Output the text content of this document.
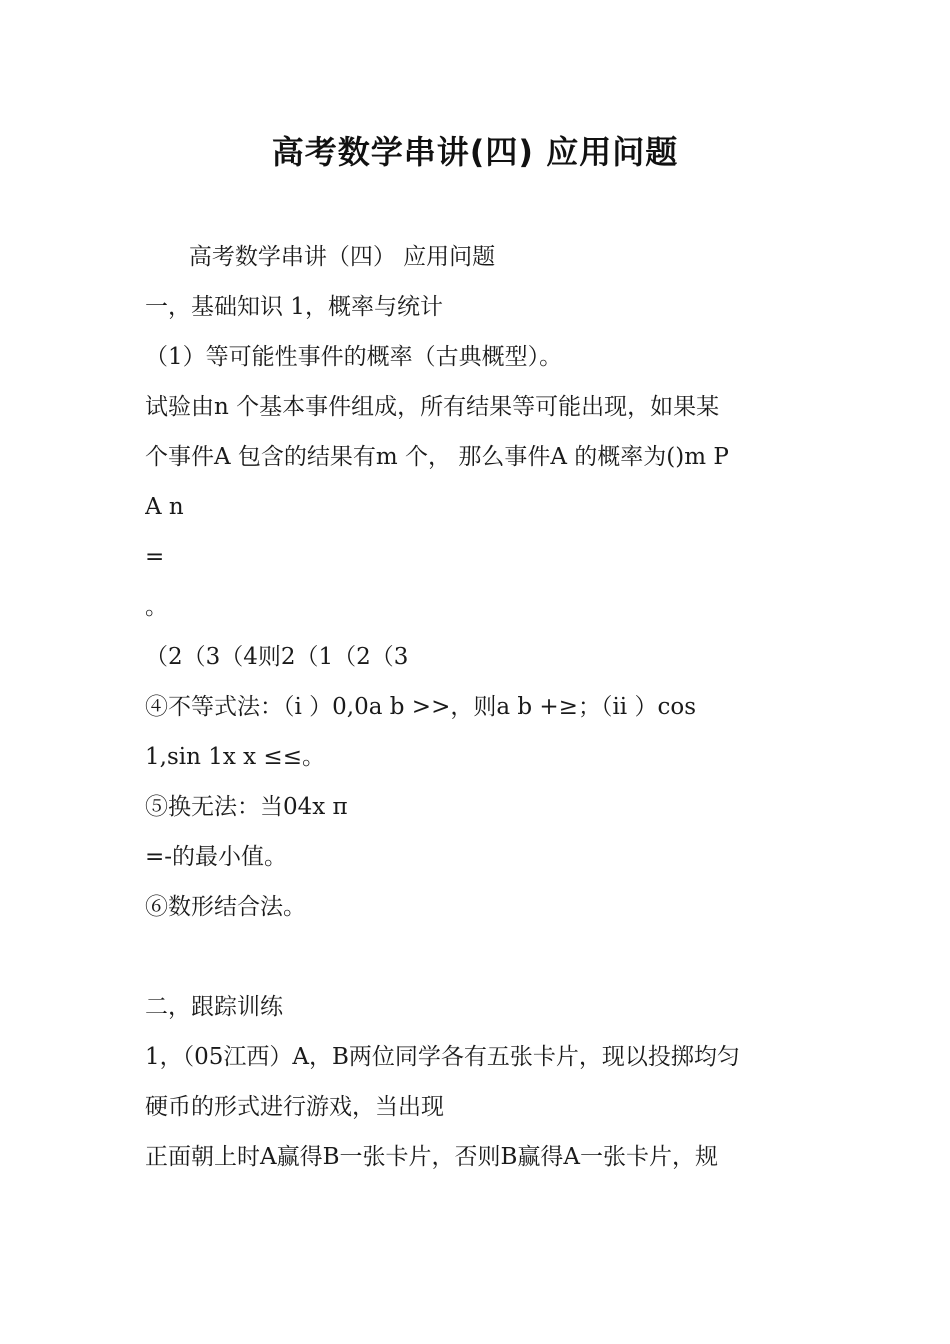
高考数学串讲(四) 应用问题
高考数学串讲（四） 应用问题
一，基础知识 1，概率与统计
（1）等可能性事件的概率（古典概型）。
试验由n 个基本事件组成，所有结果等可能出现，如果某
个事件A 包含的结果有m 个， 那么事件A 的概率为()m P
A n
=
。
（2（3（4则2（1（2（3
④不等式法：（i ）0,0a b >>，则a b +≥；（ii ）cos
1,sin 1x x ≤≤。
⑤换无法：当04x π
=-的最小值。
⑥数形结合法。
二，跟踪训练
1，（05江西）A，B两位同学各有五张卡片，现以投掷均匀
硬币的形式进行游戏，当出现
正面朝上时A赢得B一张卡片，否则B赢得A一张卡片，规
